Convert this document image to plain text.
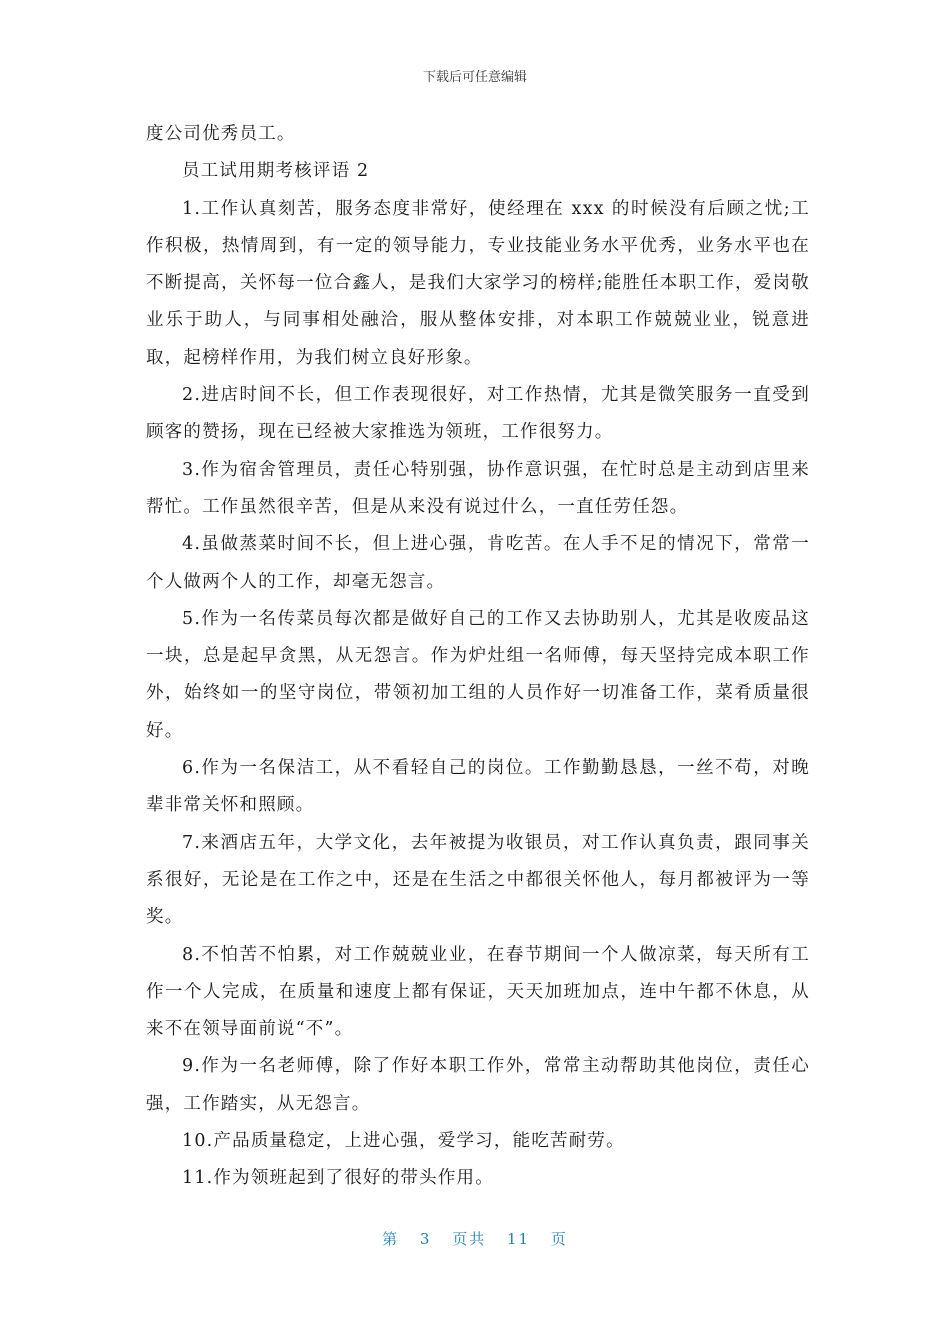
下载后可任意编辑

度公司优秀员工。

员工试用期考核评语 2

1.工作认真刻苦，服务态度非常好，使经理在 xxx 的时候没有后顾之忧;工作积极，热情周到，有一定的领导能力，专业技能业务水平优秀，业务水平也在不断提高，关怀每一位合鑫人，是我们大家学习的榜样;能胜任本职工作，爱岗敬业乐于助人，与同事相处融洽，服从整体安排，对本职工作兢兢业业，锐意进取，起榜样作用，为我们树立良好形象。

2.进店时间不长，但工作表现很好，对工作热情，尤其是微笑服务一直受到顾客的赞扬，现在已经被大家推选为领班，工作很努力。

3.作为宿舍管理员，责任心特别强，协作意识强，在忙时总是主动到店里来帮忙。工作虽然很辛苦，但是从来没有说过什么，一直任劳任怨。

4.虽做蒸菜时间不长，但上进心强，肯吃苦。在人手不足的情况下，常常一个人做两个人的工作，却毫无怨言。

5.作为一名传菜员每次都是做好自己的工作又去协助别人，尤其是收废品这一块，总是起早贪黑，从无怨言。作为炉灶组一名师傅，每天坚持完成本职工作外，始终如一的坚守岗位，带领初加工组的人员作好一切准备工作，菜肴质量很好。

6.作为一名保洁工，从不看轻自己的岗位。工作勤勤恳恳，一丝不苟，对晚辈非常关怀和照顾。

7.来酒店五年，大学文化，去年被提为收银员，对工作认真负责，跟同事关系很好，无论是在工作之中，还是在生活之中都很关怀他人，每月都被评为一等奖。

8.不怕苦不怕累，对工作兢兢业业，在春节期间一个人做凉菜，每天所有工作一个人完成，在质量和速度上都有保证，天天加班加点，连中午都不休息，从来不在领导面前说“不”。

9.作为一名老师傅，除了作好本职工作外，常常主动帮助其他岗位，责任心强，工作踏实，从无怨言。

10.产品质量稳定，上进心强，爱学习，能吃苦耐劳。

11.作为领班起到了很好的带头作用。

第 3 页共 11 页
